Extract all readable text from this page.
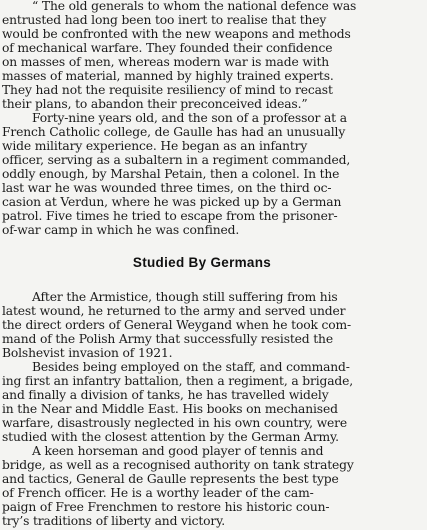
“ The old generals to whom the national defence was
entrusted had long been too inert to realise that they
would be confronted with the new weapons and methods
of mechanical warfare. They founded their confidence
on masses of men, whereas modern war is made with
masses of material, manned by highly trained experts.
They had not the requisite resiliency of mind to recast
their plans, to abandon their preconceived ideas.”
Forty-nine years old, and the son of a professor at a
French Catholic college, de Gaulle has had an unusually
wide military experience. He began as an infantry
officer, serving as a subaltern in a regiment commanded,
oddly enough, by Marshal Petain, then a colonel. In the
last war he was wounded three times, on the third oc-
casion at Verdun, where he was picked up by a German
patrol. Five times he tried to escape from the prisoner-
of-war camp in which he was confined.
Studied By Germans
After the Armistice, though still suffering from his
latest wound, he returned to the army and served under
the direct orders of General Weygand when he took com-
mand of the Polish Army that successfully resisted the
Bolshevist invasion of 1921.
Besides being employed on the staff, and command-
ing first an infantry battalion, then a regiment, a brigade,
and finally a division of tanks, he has travelled widely
in the Near and Middle East. His books on mechanised
warfare, disastrously neglected in his own country, were
studied with the closest attention by the German Army.
A keen horseman and good player of tennis and
bridge, as well as a recognised authority on tank strategy
and tactics, General de Gaulle represents the best type
of French officer. He is a worthy leader of the cam-
paign of Free Frenchmen to restore his historic coun-
try’s traditions of liberty and victory.
